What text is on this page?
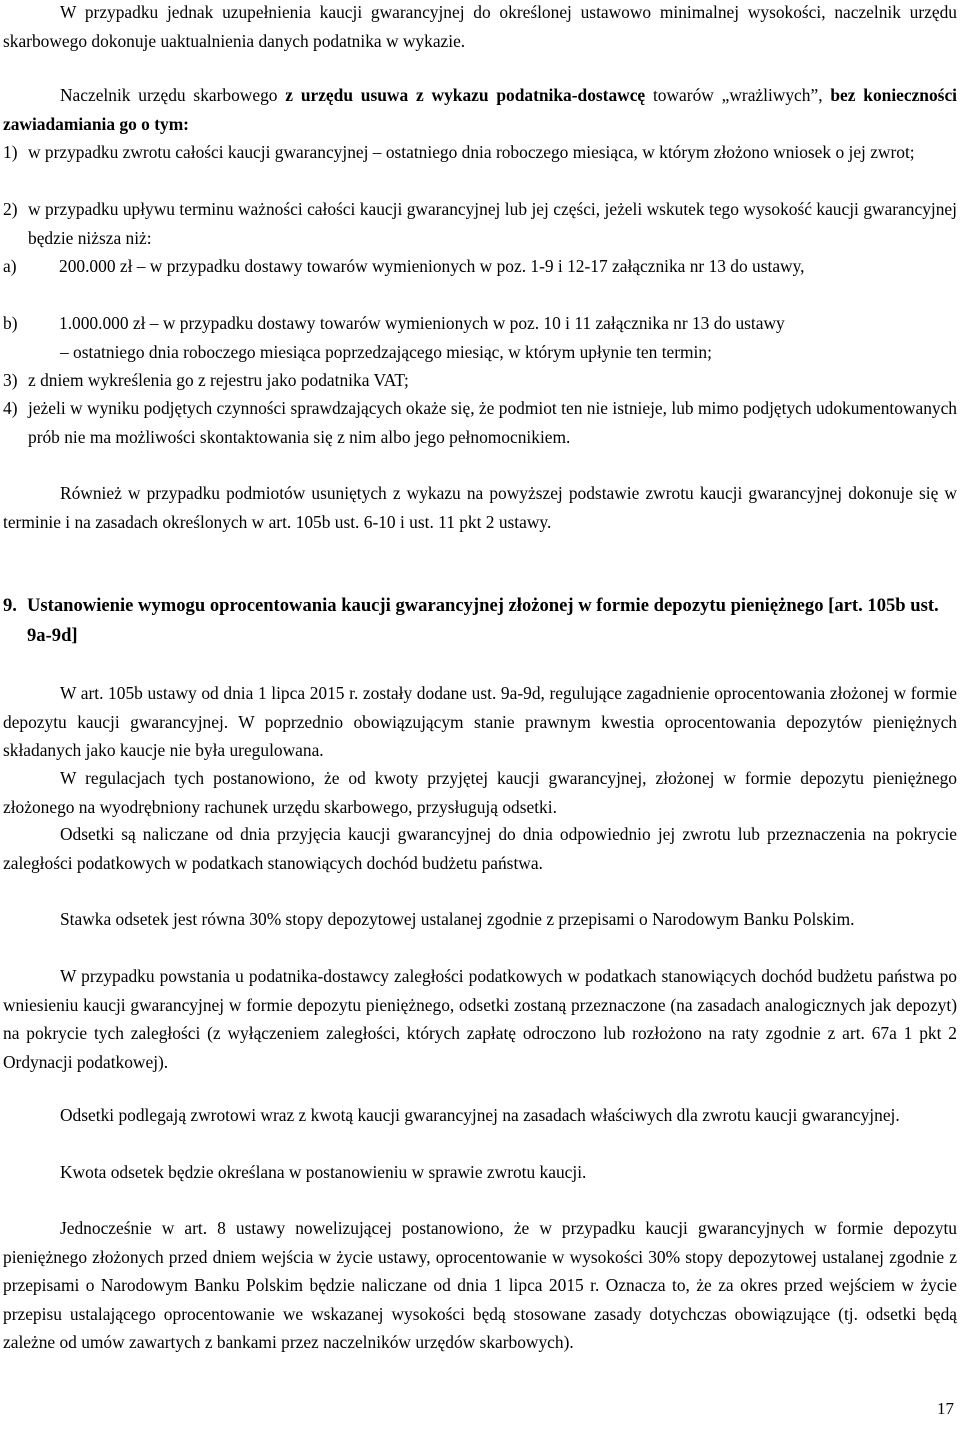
W przypadku jednak uzupełnienia kaucji gwarancyjnej do określonej ustawowo minimalnej wysokości, naczelnik urzędu skarbowego dokonuje uaktualnienia danych podatnika w wykazie.

Naczelnik urzędu skarbowego z urzędu usuwa z wykazu podatnika-dostawcę towarów „wrażliwych”, bez konieczności zawiadamiania go o tym:

1) w przypadku zwrotu całości kaucji gwarancyjnej – ostatniego dnia roboczego miesiąca, w którym złożono wniosek o jej zwrot;
2) w przypadku upływu terminu ważności całości kaucji gwarancyjnej lub jej części, jeżeli wskutek tego wysokość kaucji gwarancyjnej będzie niższa niż:
a) 200.000 zł – w przypadku dostawy towarów wymienionych w poz. 1-9 i 12-17 załącznika nr 13 do ustawy,
b) 1.000.000 zł – w przypadku dostawy towarów wymienionych w poz. 10 i 11 załącznika nr 13 do ustawy

– ostatniego dnia roboczego miesiąca poprzedzającego miesiąc, w którym upłynie ten termin;

3) z dniem wykreślenia go z rejestru jako podatnika VAT;
4) jeżeli w wyniku podjętych czynności sprawdzających okaże się, że podmiot ten nie istnieje, lub mimo podjętych udokumentowanych prób nie ma możliwości skontaktowania się z nim albo jego pełnomocnikiem.

Również w przypadku podmiotów usuniętych z wykazu na powyższej podstawie zwrotu kaucji gwarancyjnej dokonuje się w terminie i na zasadach określonych w art. 105b ust. 6-10 i ust. 11 pkt 2 ustawy.

9. Ustanowienie wymogu oprocentowania kaucji gwarancyjnej złożonej w formie depozytu pieniężnego [art. 105b ust. 9a-9d]

W art. 105b ustawy od dnia 1 lipca 2015 r. zostały dodane ust. 9a-9d, regulujące zagadnienie oprocentowania złożonej w formie depozytu kaucji gwarancyjnej. W poprzednio obowiązującym stanie prawnym kwestia oprocentowania depozytów pieniężnych składanych jako kaucje nie była uregulowana.

W regulacjach tych postanowiono, że od kwoty przyjętej kaucji gwarancyjnej, złożonej w formie depozytu pieniężnego złożonego na wyodrębniony rachunek urzędu skarbowego, przysługują odsetki.

Odsetki są naliczane od dnia przyjęcia kaucji gwarancyjnej do dnia odpowiednio jej zwrotu lub przeznaczenia na pokrycie zaległości podatkowych w podatkach stanowiących dochód budżetu państwa.

Stawka odsetek jest równa 30% stopy depozytowej ustalanej zgodnie z przepisami o Narodowym Banku Polskim.

W przypadku powstania u podatnika-dostawcy zaległości podatkowych w podatkach stanowiących dochód budżetu państwa po wniesieniu kaucji gwarancyjnej w formie depozytu pieniężnego, odsetki zostaną przeznaczone (na zasadach analogicznych jak depozyt) na pokrycie tych zaległości (z wyłączeniem zaległości, których zapłatę odroczono lub rozłożono na raty zgodnie z art. 67a 1 pkt 2 Ordynacji podatkowej).

Odsetki podlegają zwrotowi wraz z kwotą kaucji gwarancyjnej na zasadach właściwych dla zwrotu kaucji gwarancyjnej.

Kwota odsetek będzie określana w postanowieniu w sprawie zwrotu kaucji.

Jednocześnie w art. 8 ustawy nowelizującej postanowiono, że w przypadku kaucji gwarancyjnych w formie depozytu pieniężnego złożonych przed dniem wejścia w życie ustawy, oprocentowanie w wysokości 30% stopy depozytowej ustalanej zgodnie z przepisami o Narodowym Banku Polskim będzie naliczane od dnia 1 lipca 2015 r. Oznacza to, że za okres przed wejściem w życie przepisu ustalającego oprocentowanie we wskazanej wysokości będą stosowane zasady dotychczas obowiązujące (tj. odsetki będą zależne od umów zawartych z bankami przez naczelników urzędów skarbowych).

17
